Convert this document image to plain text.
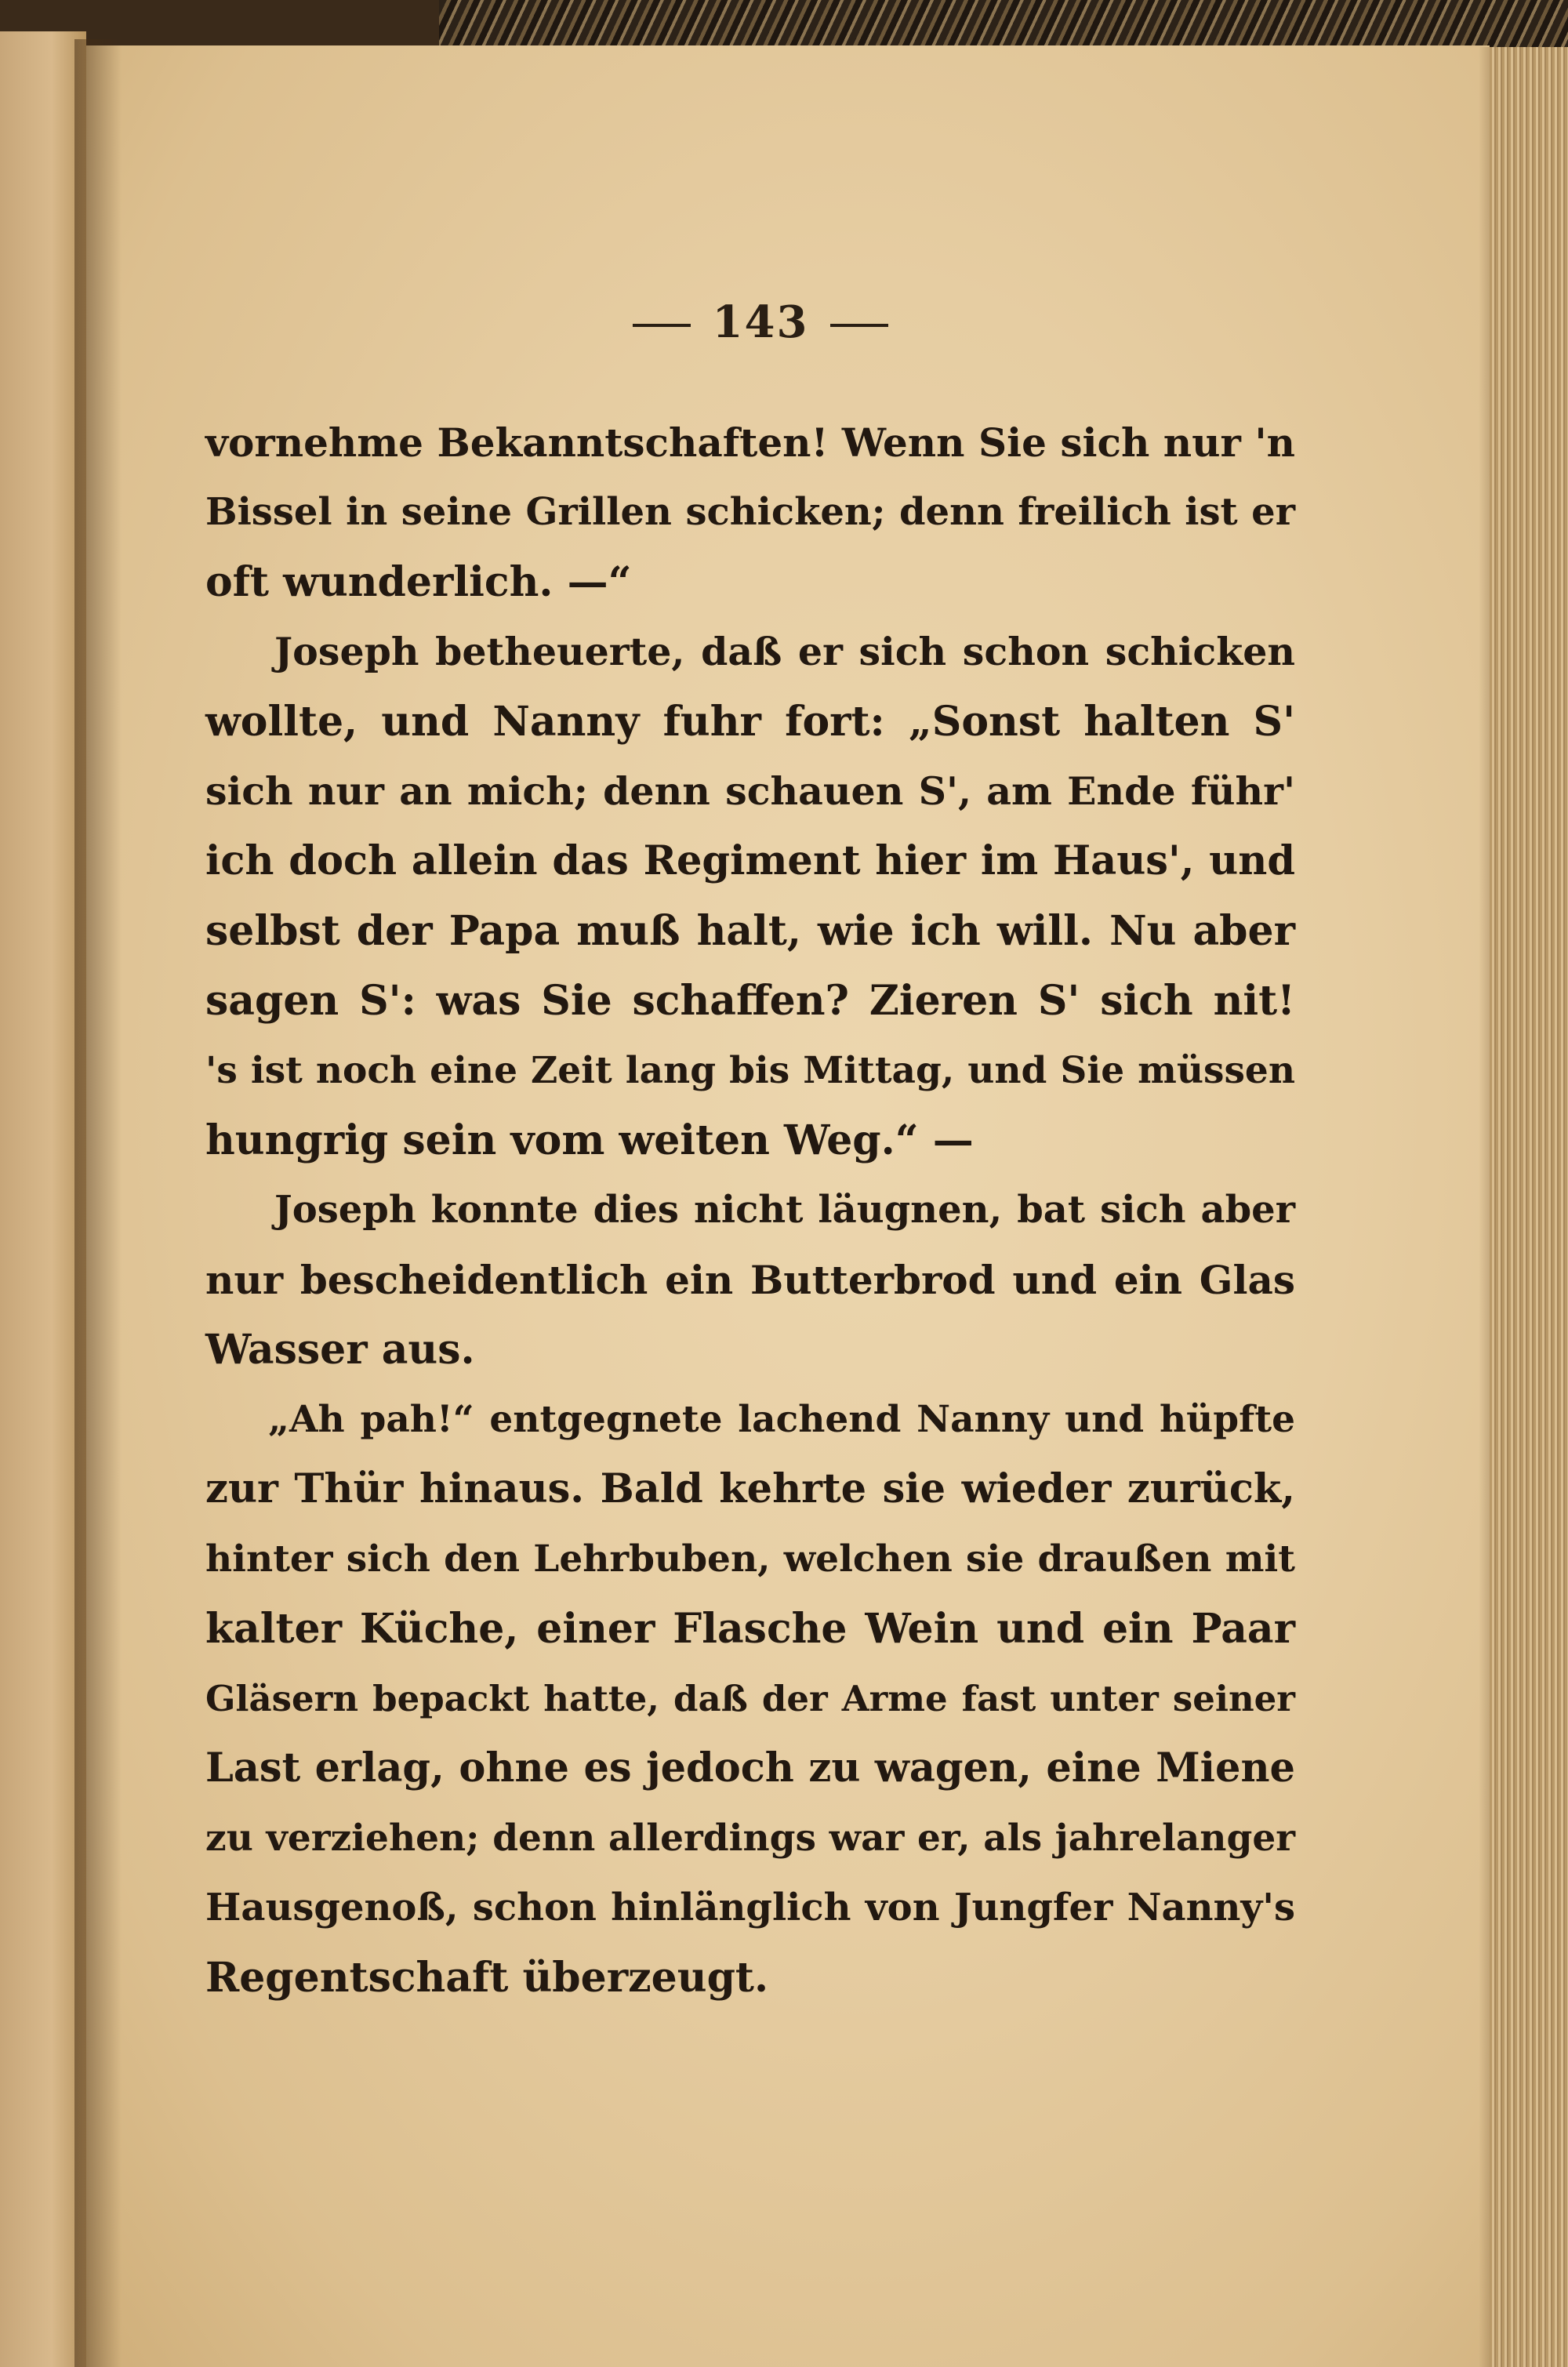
143
vornehme Bekanntschaften! Wenn Sie sich nur 'n
Bissel in seine Grillen schicken; denn freilich ist er
oft wunderlich. —“
Joseph betheuerte, daß er sich schon schicken
wollte, und Nanny fuhr fort: „Sonst halten S'
sich nur an mich; denn schauen S', am Ende führ'
ich doch allein das Regiment hier im Haus', und
selbst der Papa muß halt, wie ich will. Nu aber
sagen S': was Sie schaffen? Zieren S' sich nit!
's ist noch eine Zeit lang bis Mittag, und Sie müssen
hungrig sein vom weiten Weg.“ —
Joseph konnte dies nicht läugnen, bat sich aber
nur bescheidentlich ein Butterbrod und ein Glas
Wasser aus.
„Ah pah!“ entgegnete lachend Nanny und hüpfte
zur Thür hinaus. Bald kehrte sie wieder zurück,
hinter sich den Lehrbuben, welchen sie draußen mit
kalter Küche, einer Flasche Wein und ein Paar
Gläsern bepackt hatte, daß der Arme fast unter seiner
Last erlag, ohne es jedoch zu wagen, eine Miene
zu verziehen; denn allerdings war er, als jahrelanger
Hausgenoß, schon hinlänglich von Jungfer Nanny's
Regentschaft überzeugt.
